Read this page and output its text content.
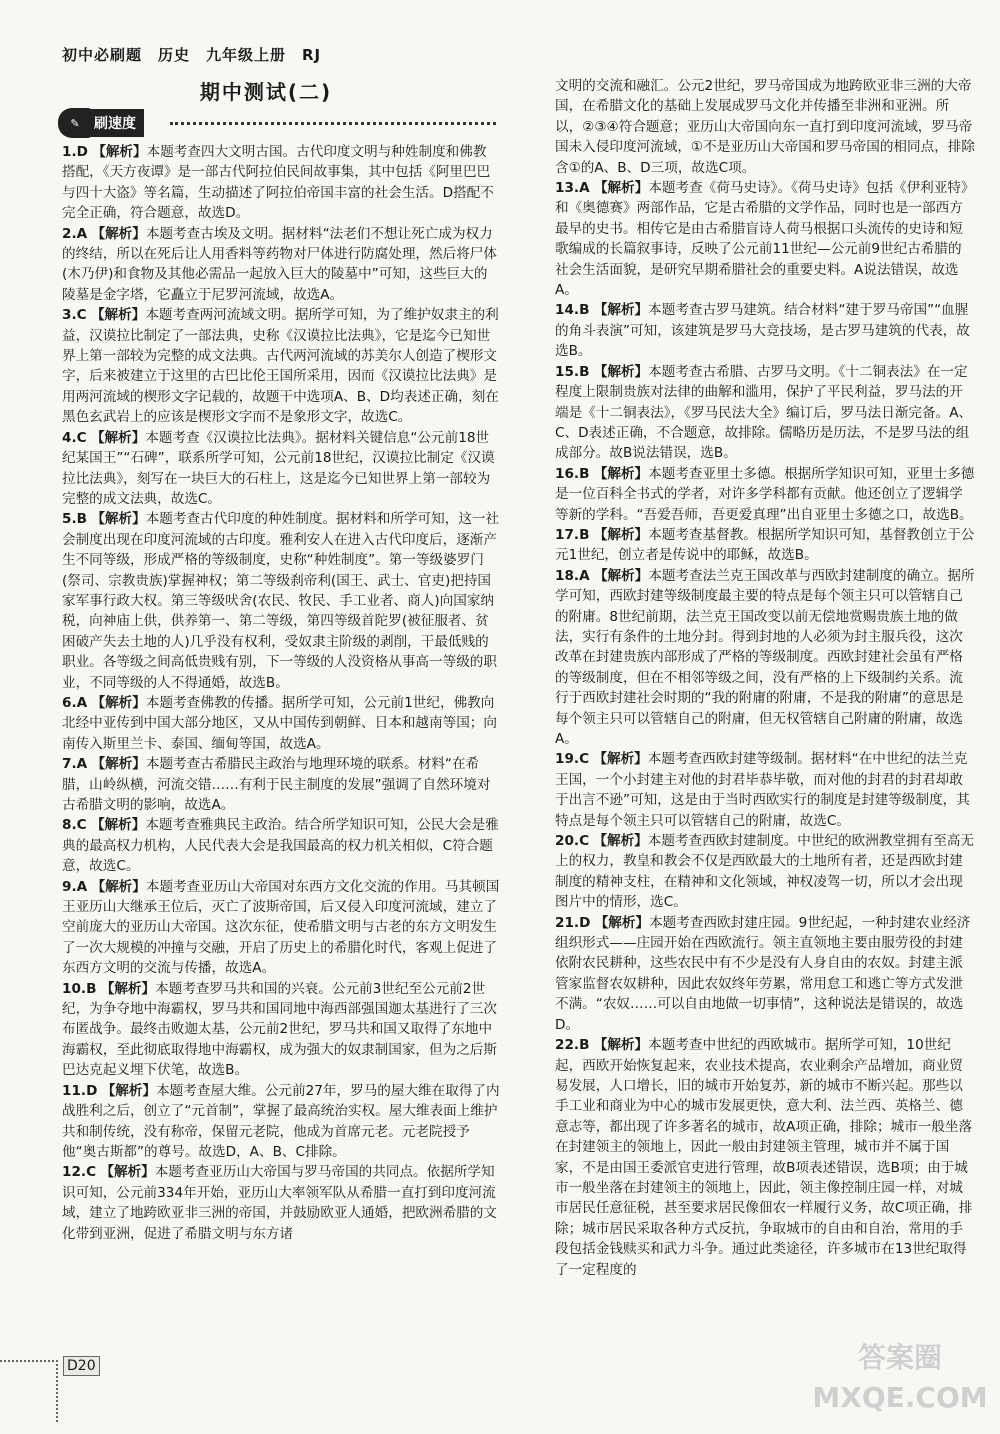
初中必刷题　历史　九年级上册　RJ
期中测试(二)
✎	刷速度

1.D 【解析】本题考查四大文明古国。古代印度文明与种姓制度和佛教搭配，《天方夜谭》是一部古代阿拉伯民间故事集，其中包括《阿里巴巴与四十大盗》等名篇，生动描述了阿拉伯帝国丰富的社会生活。D搭配不完全正确，符合题意，故选D。

2.A 【解析】本题考查古埃及文明。据材料“法老们不想让死亡成为权力的终结，所以在死后让人用香料等药物对尸体进行防腐处理，然后将尸体(木乃伊)和食物及其他必需品一起放入巨大的陵墓中”可知，这些巨大的陵墓是金字塔，它矗立于尼罗河流域，故选A。

3.C 【解析】本题考查两河流域文明。据所学可知，为了维护奴隶主的利益，汉谟拉比制定了一部法典，史称《汉谟拉比法典》，它是迄今已知世界上第一部较为完整的成文法典。古代两河流域的苏美尔人创造了楔形文字，后来被建立于这里的古巴比伦王国所采用，因而《汉谟拉比法典》是用两河流域的楔形文字记载的，故题干中选项A、B、D均表述正确，刻在黑色玄武岩上的应该是楔形文字而不是象形文字，故选C。

4.C 【解析】本题考查《汉谟拉比法典》。据材料关键信息“公元前18世纪某国王”“石碑”，联系所学可知，公元前18世纪，汉谟拉比制定《汉谟拉比法典》，刻写在一块巨大的石柱上，这是迄今已知世界上第一部较为完整的成文法典，故选C。

5.B 【解析】本题考查古代印度的种姓制度。据材料和所学可知，这一社会制度出现在印度河流域的古印度。雅利安人在进入古代印度后，逐渐产生不同等级，形成严格的等级制度，史称“种姓制度”。第一等级婆罗门(祭司、宗教贵族)掌握神权；第二等级刹帝利(国王、武士、官吏)把持国家军事行政大权。第三等级吠舍(农民、牧民、手工业者、商人)向国家纳税，向神庙上供，供养第一、第二等级，第四等级首陀罗(被征服者、贫困破产失去土地的人)几乎没有权利，受奴隶主阶级的剥削，干最低贱的职业。各等级之间高低贵贱有别，下一等级的人没资格从事高一等级的职业，不同等级的人不得通婚，故选B。

6.A 【解析】本题考查佛教的传播。据所学可知，公元前1世纪，佛教向北经中亚传到中国大部分地区，又从中国传到朝鲜、日本和越南等国；向南传入斯里兰卡、泰国、缅甸等国，故选A。

7.A 【解析】本题考查古希腊民主政治与地理环境的联系。材料“在希腊，山岭纵横，河流交错……有利于民主制度的发展”强调了自然环境对古希腊文明的影响，故选A。

8.C 【解析】本题考查雅典民主政治。结合所学知识可知，公民大会是雅典的最高权力机构，人民代表大会是我国最高的权力机关相似，C符合题意，故选C。

9.A 【解析】本题考查亚历山大帝国对东西方文化交流的作用。马其顿国王亚历山大继承王位后，灭亡了波斯帝国，后又侵入印度河流域，建立了空前庞大的亚历山大帝国。这次东征，使希腊文明与古老的东方文明发生了一次大规模的冲撞与交融，开启了历史上的希腊化时代，客观上促进了东西方文明的交流与传播，故选A。

10.B 【解析】本题考查罗马共和国的兴衰。公元前3世纪至公元前2世纪，为争夺地中海霸权，罗马共和国同地中海西部强国迦太基进行了三次布匿战争。最终击败迦太基，公元前2世纪，罗马共和国又取得了东地中海霸权，至此彻底取得地中海霸权，成为强大的奴隶制国家，但为之后斯巴达克起义埋下伏笔，故选B。

11.D 【解析】本题考查屋大维。公元前27年，罗马的屋大维在取得了内战胜利之后，创立了“元首制”，掌握了最高统治实权。屋大维表面上维护共和制传统，没有称帝，保留元老院，他成为首席元老。元老院授予他“奥古斯都”的尊号。故选D，A、B、C排除。

12.C 【解析】本题考查亚历山大帝国与罗马帝国的共同点。依据所学知识可知，公元前334年开始，亚历山大率领军队从希腊一直打到印度河流域，建立了地跨欧亚非三洲的帝国，并鼓励欧亚人通婚，把欧洲希腊的文化带到亚洲，促进了希腊文明与东方诸

文明的交流和融汇。公元2世纪，罗马帝国成为地跨欧亚非三洲的大帝国，在希腊文化的基础上发展成罗马文化并传播至非洲和亚洲。所以，②③④符合题意；亚历山大帝国向东一直打到印度河流域，罗马帝国未入侵印度河流域，①不是亚历山大帝国和罗马帝国的相同点，排除含①的A、B、D三项，故选C项。

13.A 【解析】本题考查《荷马史诗》。《荷马史诗》包括《伊利亚特》和《奥德赛》两部作品，它是古希腊的文学作品，同时也是一部西方最早的史书。相传它是由古希腊盲诗人荷马根据口头流传的史诗和短歌编成的长篇叙事诗，反映了公元前11世纪—公元前9世纪古希腊的社会生活面貌，是研究早期希腊社会的重要史料。A说法错误，故选A。

14.B 【解析】本题考查古罗马建筑。结合材料“建于罗马帝国”“血腥的角斗表演”可知，该建筑是罗马大竞技场，是古罗马建筑的代表，故选B。

15.B 【解析】本题考查古希腊、古罗马文明。《十二铜表法》在一定程度上限制贵族对法律的曲解和滥用，保护了平民利益，罗马法的开端是《十二铜表法》，《罗马民法大全》编订后，罗马法日渐完备。A、C、D表述正确，不合题意，故排除。儒略历是历法，不是罗马法的组成部分。故B说法错误，选B。

16.B 【解析】本题考查亚里士多德。根据所学知识可知，亚里士多德是一位百科全书式的学者，对许多学科都有贡献。他还创立了逻辑学等新的学科。“吾爱吾师，吾更爱真理”出自亚里士多德之口，故选B。

17.B 【解析】本题考查基督教。根据所学知识可知，基督教创立于公元1世纪，创立者是传说中的耶稣，故选B。

18.A 【解析】本题考查法兰克王国改革与西欧封建制度的确立。据所学可知，西欧封建等级制度最主要的特点是每个领主只可以管辖自己的附庸。8世纪前期，法兰克王国改变以前无偿地赏赐贵族土地的做法，实行有条件的土地分封。得到封地的人必须为封主服兵役，这次改革在封建贵族内部形成了严格的等级制度。西欧封建社会虽有严格的等级制度，但在不相邻等级之间，没有严格的上下级制约关系。流行于西欧封建社会时期的“我的附庸的附庸，不是我的附庸”的意思是每个领主只可以管辖自己的附庸，但无权管辖自己附庸的附庸，故选A。

19.C 【解析】本题考查西欧封建等级制。据材料“在中世纪的法兰克王国，一个小封建主对他的封君毕恭毕敬，而对他的封君的封君却敢于出言不逊”可知，这是由于当时西欧实行的制度是封建等级制度，其特点是每个领主只可以管辖自己的附庸，故选C。

20.C 【解析】本题考查西欧封建制度。中世纪的欧洲教堂拥有至高无上的权力，教皇和教会不仅是西欧最大的土地所有者，还是西欧封建制度的精神支柱，在精神和文化领域，神权凌驾一切，所以才会出现图片中的情形，选C。

21.D 【解析】本题考查西欧封建庄园。9世纪起，一种封建农业经济组织形式——庄园开始在西欧流行。领主直领地主要由服劳役的封建依附农民耕种，这些农民中有不少是没有人身自由的农奴。封建主派管家监督农奴耕种，因此农奴终年劳累，常用怠工和逃亡等方式发泄不满。“农奴……可以自由地做一切事情”，这种说法是错误的，故选D。

22.B 【解析】本题考查中世纪的西欧城市。据所学可知，10世纪起，西欧开始恢复起来，农业技术提高，农业剩余产品增加，商业贸易发展，人口增长，旧的城市开始复苏，新的城市不断兴起。那些以手工业和商业为中心的城市发展更快，意大利、法兰西、英格兰、德意志等，都出现了许多著名的城市，故A项正确，排除；城市一般坐落在封建领主的领地上，因此一般由封建领主管理，城市并不属于国家，不是由国王委派官吏进行管理，故B项表述错误，选B项；由于城市一般坐落在封建领主的领地上，因此，领主像控制庄园一样，对城市居民任意征税，甚至要求居民像佃农一样履行义务，故C项正确，排除；城市居民采取各种方式反抗，争取城市的自由和自治，常用的手段包括金钱赎买和武力斗争。通过此类途径，许多城市在13世纪取得了一定程度的

D20	答案圈 MXQE.COM
